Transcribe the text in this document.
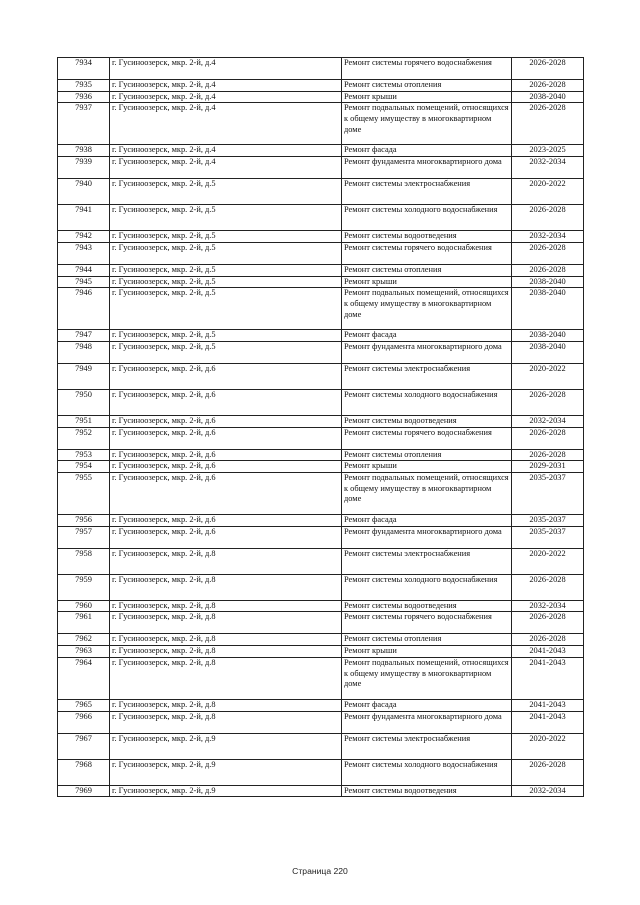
7934	г. Гусиноозерск, мкр. 2-й, д.4	Ремонт системы горячего водоснабжения	2026-2028
7935	г. Гусиноозерск, мкр. 2-й, д.4	Ремонт системы отопления	2026-2028
7936	г. Гусиноозерск, мкр. 2-й, д.4	Ремонт крыши	2038-2040
7937	г. Гусиноозерск, мкр. 2-й, д.4	Ремонт подвальных помещений, относящихся к общему имуществу в многоквартирном доме	2026-2028
7938	г. Гусиноозерск, мкр. 2-й, д.4	Ремонт фасада	2023-2025
7939	г. Гусиноозерск, мкр. 2-й, д.4	Ремонт фундамента многоквартирного дома	2032-2034
7940	г. Гусиноозерск, мкр. 2-й, д.5	Ремонт системы электроснабжения	2020-2022
7941	г. Гусиноозерск, мкр. 2-й, д.5	Ремонт системы холодного водоснабжения	2026-2028
7942	г. Гусиноозерск, мкр. 2-й, д.5	Ремонт системы водоотведения	2032-2034
7943	г. Гусиноозерск, мкр. 2-й, д.5	Ремонт системы горячего водоснабжения	2026-2028
7944	г. Гусиноозерск, мкр. 2-й, д.5	Ремонт системы отопления	2026-2028
7945	г. Гусиноозерск, мкр. 2-й, д.5	Ремонт крыши	2038-2040
7946	г. Гусиноозерск, мкр. 2-й, д.5	Ремонт подвальных помещений, относящихся к общему имуществу в многоквартирном доме	2038-2040
7947	г. Гусиноозерск, мкр. 2-й, д.5	Ремонт фасада	2038-2040
7948	г. Гусиноозерск, мкр. 2-й, д.5	Ремонт фундамента многоквартирного дома	2038-2040
7949	г. Гусиноозерск, мкр. 2-й, д.6	Ремонт системы электроснабжения	2020-2022
7950	г. Гусиноозерск, мкр. 2-й, д.6	Ремонт системы холодного водоснабжения	2026-2028
7951	г. Гусиноозерск, мкр. 2-й, д.6	Ремонт системы водоотведения	2032-2034
7952	г. Гусиноозерск, мкр. 2-й, д.6	Ремонт системы горячего водоснабжения	2026-2028
7953	г. Гусиноозерск, мкр. 2-й, д.6	Ремонт системы отопления	2026-2028
7954	г. Гусиноозерск, мкр. 2-й, д.6	Ремонт крыши	2029-2031
7955	г. Гусиноозерск, мкр. 2-й, д.6	Ремонт подвальных помещений, относящихся к общему имуществу в многоквартирном доме	2035-2037
7956	г. Гусиноозерск, мкр. 2-й, д.6	Ремонт фасада	2035-2037
7957	г. Гусиноозерск, мкр. 2-й, д.6	Ремонт фундамента многоквартирного дома	2035-2037
7958	г. Гусиноозерск, мкр. 2-й, д.8	Ремонт системы электроснабжения	2020-2022
7959	г. Гусиноозерск, мкр. 2-й, д.8	Ремонт системы холодного водоснабжения	2026-2028
7960	г. Гусиноозерск, мкр. 2-й, д.8	Ремонт системы водоотведения	2032-2034
7961	г. Гусиноозерск, мкр. 2-й, д.8	Ремонт системы горячего водоснабжения	2026-2028
7962	г. Гусиноозерск, мкр. 2-й, д.8	Ремонт системы отопления	2026-2028
7963	г. Гусиноозерск, мкр. 2-й, д.8	Ремонт крыши	2041-2043
7964	г. Гусиноозерск, мкр. 2-й, д.8	Ремонт подвальных помещений, относящихся к общему имуществу в многоквартирном доме	2041-2043
7965	г. Гусиноозерск, мкр. 2-й, д.8	Ремонт фасада	2041-2043
7966	г. Гусиноозерск, мкр. 2-й, д.8	Ремонт фундамента многоквартирного дома	2041-2043
7967	г. Гусиноозерск, мкр. 2-й, д.9	Ремонт системы электроснабжения	2020-2022
7968	г. Гусиноозерск, мкр. 2-й, д.9	Ремонт системы холодного водоснабжения	2026-2028
7969	г. Гусиноозерск, мкр. 2-й, д.9	Ремонт системы водоотведения	2032-2034
Страница 220
